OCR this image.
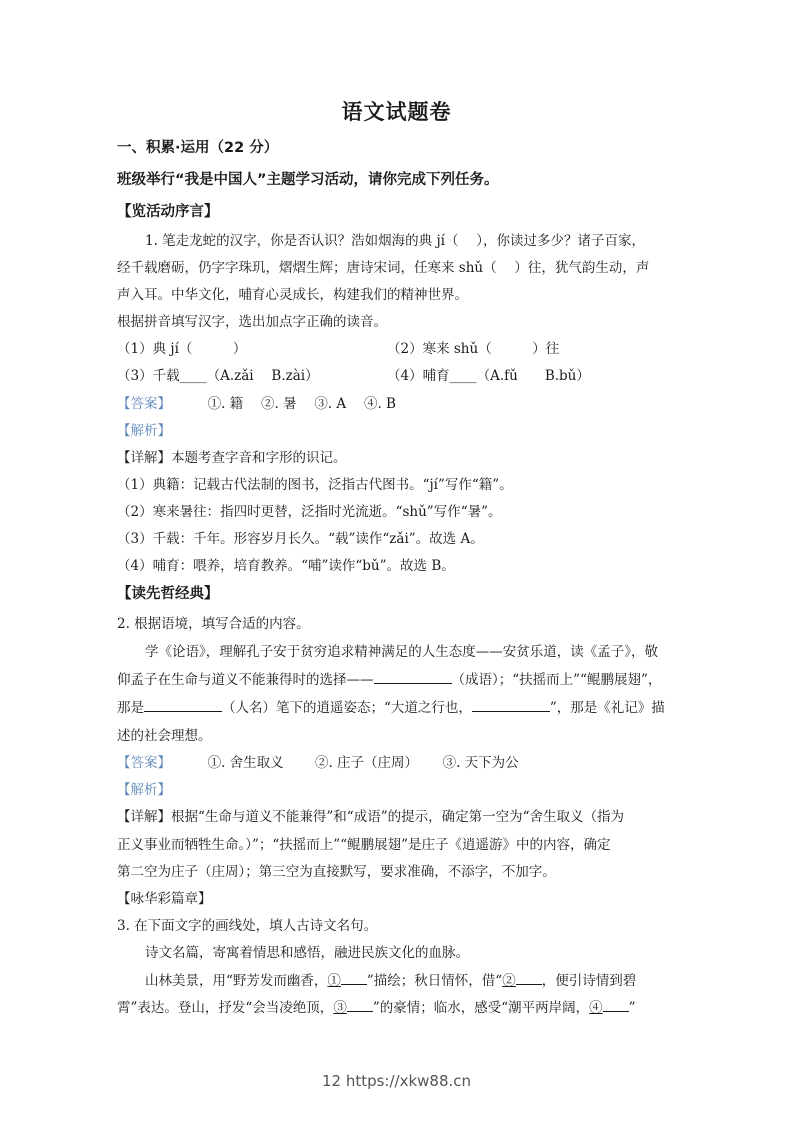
语文试题卷
一、积累·运用（22 分）
班级举行“我是中国人”主题学习活动，请你完成下列任务。
【览活动序言】
1. 笔走龙蛇的汉字，你是否认识？浩如烟海的典 jí（　 ），你读过多少？诸子百家，
经千载磨砺，仍字字珠玑，熠熠生辉；唐诗宋词，任寒来 shǔ（　 ）往，犹气韵生动，声
声入耳。中华文化，哺育心灵成长，构建我们的精神世界。
根据拼音填写汉字，选出加点字正确的读音。
（1）典 jí（　　　）	（2）寒来 shǔ（　　　）往
（3）千载____（A.zǎi　 B.zài）	（4）哺育____（A.fǔ　　B.bǔ）
【答案】	①. 籍　 ②. 暑　 ③. A　 ④. B
【解析】
【详解】本题考查字音和字形的识记。
（1）典籍：记载古代法制的图书，泛指古代图书。“jí”写作“籍”。
（2）寒来暑往：指四时更替，泛指时光流逝。“shǔ”写作“暑”。
（3）千载：千年。形容岁月长久。“载”读作“zǎi”。故选 A。
（4）哺育：喂养，培育教养。“哺”读作“bǔ”。故选 B。
【读先哲经典】
2. 根据语境，填写合适的内容。
学《论语》，理解孔子安于贫穷追求精神满足的人生态度——安贫乐道，读《孟子》，敬
仰孟子在生命与道义不能兼得时的选择——	（成语）；“扶摇而上”“鲲鹏展翅”，
那是	（人名）笔下的逍遥姿态；“大道之行也，	”，那是《礼记》描
述的社会理想。
【答案】	①. 舍生取义　　 ②. 庄子（庄周）　　 ③. 天下为公
【解析】
【详解】根据“生命与道义不能兼得”和“成语”的提示，确定第一空为“舍生取义（指为
正义事业而牺牲生命。）”；“扶摇而上”“鲲鹏展翅”是庄子《逍遥游》中的内容，确定
第二空为庄子（庄周）；第三空为直接默写，要求准确，不添字，不加字。
【咏华彩篇章】
3. 在下面文字的画线处，填人古诗文名句。
诗文名篇，寄寓着情思和感悟，融进民族文化的血脉。
山林美景，用“野芳发而幽香，① ”描绘；秋日情怀，借“② ，便引诗情到碧
霄”表达。登山，抒发“会当凌绝顶，③ ”的豪情；临水，感受“潮平两岸阔，④ ”
12 https://xkw88.cn
